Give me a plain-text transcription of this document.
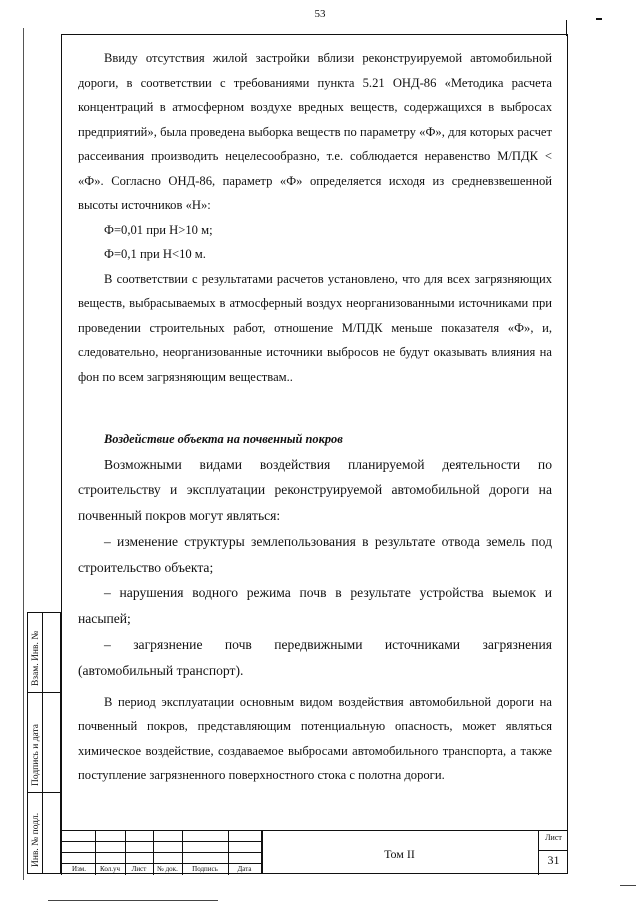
53

Ввиду отсутствия жилой застройки вблизи реконструируемой автомобильной дороги, в соответствии с требованиями пункта 5.21 ОНД-86 «Методика расчета концентраций в атмосферном воздухе вредных веществ, содержащихся в выбросах предприятий», была проведена выборка веществ по параметру «Ф», для которых расчет рассеивания производить нецелесообразно, т.е. соблюдается неравенство М/ПДК < «Ф». Согласно ОНД-86, параметр «Ф» определяется исходя из средневзвешенной высоты источников «Н»:

Ф=0,01 при Н>10 м;

Ф=0,1 при Н<10 м.

В соответствии с результатами расчетов установлено, что для всех загрязняющих веществ, выбрасываемых в атмосферный воздух неорганизованными источниками при проведении строительных работ, отношение М/ПДК меньше показателя «Ф», и, следовательно, неорганизованные источники выбросов не будут оказывать влияния на фон по всем загрязняющим веществам..

Воздействие объекта на почвенный покров

Возможными видами воздействия планируемой деятельности по строительству и эксплуатации реконструируемой автомобильной дороги на почвенный покров могут являться:

– изменение структуры землепользования в результате отвода земель под строительство объекта;

– нарушения водного режима почв в результате устройства выемок и насыпей;

– загрязнение почв передвижными источниками загрязнения (автомобильный транспорт).

В период эксплуатации основным видом воздействия автомобильной дороги на почвенный покров, представляющим потенциальную опасность, может являться химическое воздействие, создаваемое выбросами автомобильного транспорта, а также поступление загрязненного поверхностного стока с полотна дороги.

Взам. Инв. №
Подпись и дата
Инв. № подл.
Изм.	Кол.уч	Лист	№ док.	Подпись	Дата
Том II
Лист
31
